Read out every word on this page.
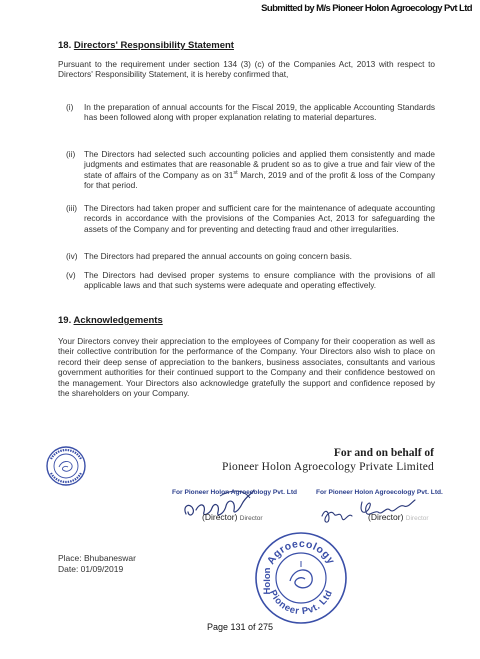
Submitted by M/s Pioneer Holon Agroecology Pvt Ltd
18. Directors' Responsibility Statement
Pursuant to the requirement under section 134 (3) (c) of the Companies Act, 2013 with respect to Directors' Responsibility Statement, it is hereby confirmed that,
(i) In the preparation of annual accounts for the Fiscal 2019, the applicable Accounting Standards has been followed along with proper explanation relating to material departures.
(ii) The Directors had selected such accounting policies and applied them consistently and made judgments and estimates that are reasonable & prudent so as to give a true and fair view of the state of affairs of the Company as on 31st March, 2019 and of the profit & loss of the Company for that period.
(iii) The Directors had taken proper and sufficient care for the maintenance of adequate accounting records in accordance with the provisions of the Companies Act, 2013 for safeguarding the assets of the Company and for preventing and detecting fraud and other irregularities.
(iv) The Directors had prepared the annual accounts on going concern basis.
(v) The Directors had devised proper systems to ensure compliance with the provisions of all applicable laws and that such systems were adequate and operating effectively.
19. Acknowledgements
Your Directors convey their appreciation to the employees of Company for their cooperation as well as their collective contribution for the performance of the Company. Your Directors also wish to place on record their deep sense of appreciation to the bankers, business associates, consultants and various government authorities for their continued support to the Company and their confidence bestowed on the management. Your Directors also acknowledge gratefully the support and confidence reposed by the shareholders on your Company.
For and on behalf of
Pioneer Holon Agroecology Private Limited
For Pioneer Holon Agroecology Pvt. Ltd	For Pioneer Holon Agroecology Pvt. Ltd.
(Director) Director	(Director) Director
Place: Bhubaneswar
Date: 01/09/2019
Agroecology
Pioneer Pvt. Ltd
Holon
Page 131 of 275
